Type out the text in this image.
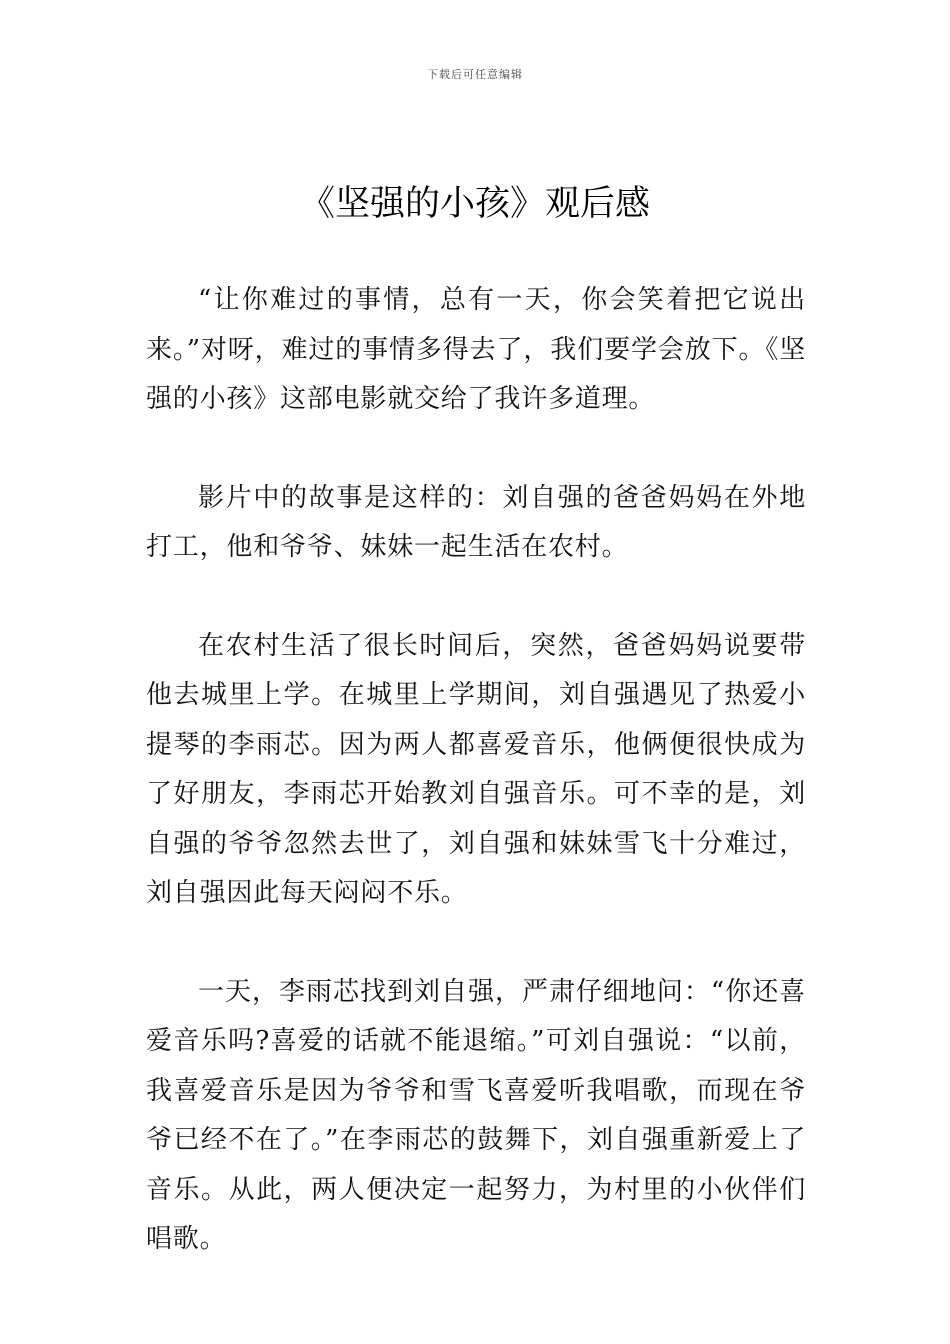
下载后可任意编辑
《坚强的小孩》观后感

“让你难过的事情，总有一天，你会笑着把它说出来。”对呀，难过的事情多得去了，我们要学会放下。《坚强的小孩》这部电影就交给了我许多道理。

影片中的故事是这样的：刘自强的爸爸妈妈在外地打工，他和爷爷、妹妹一起生活在农村。

在农村生活了很长时间后，突然，爸爸妈妈说要带他去城里上学。在城里上学期间，刘自强遇见了热爱小提琴的李雨芯。因为两人都喜爱音乐，他俩便很快成为了好朋友，李雨芯开始教刘自强音乐。可不幸的是，刘自强的爷爷忽然去世了，刘自强和妹妹雪飞十分难过，刘自强因此每天闷闷不乐。

一天，李雨芯找到刘自强，严肃仔细地问：“你还喜爱音乐吗?喜爱的话就不能退缩。”可刘自强说：“以前，我喜爱音乐是因为爷爷和雪飞喜爱听我唱歌，而现在爷爷已经不在了。”在李雨芯的鼓舞下，刘自强重新爱上了音乐。从此，两人便决定一起努力，为村里的小伙伴们唱歌。
